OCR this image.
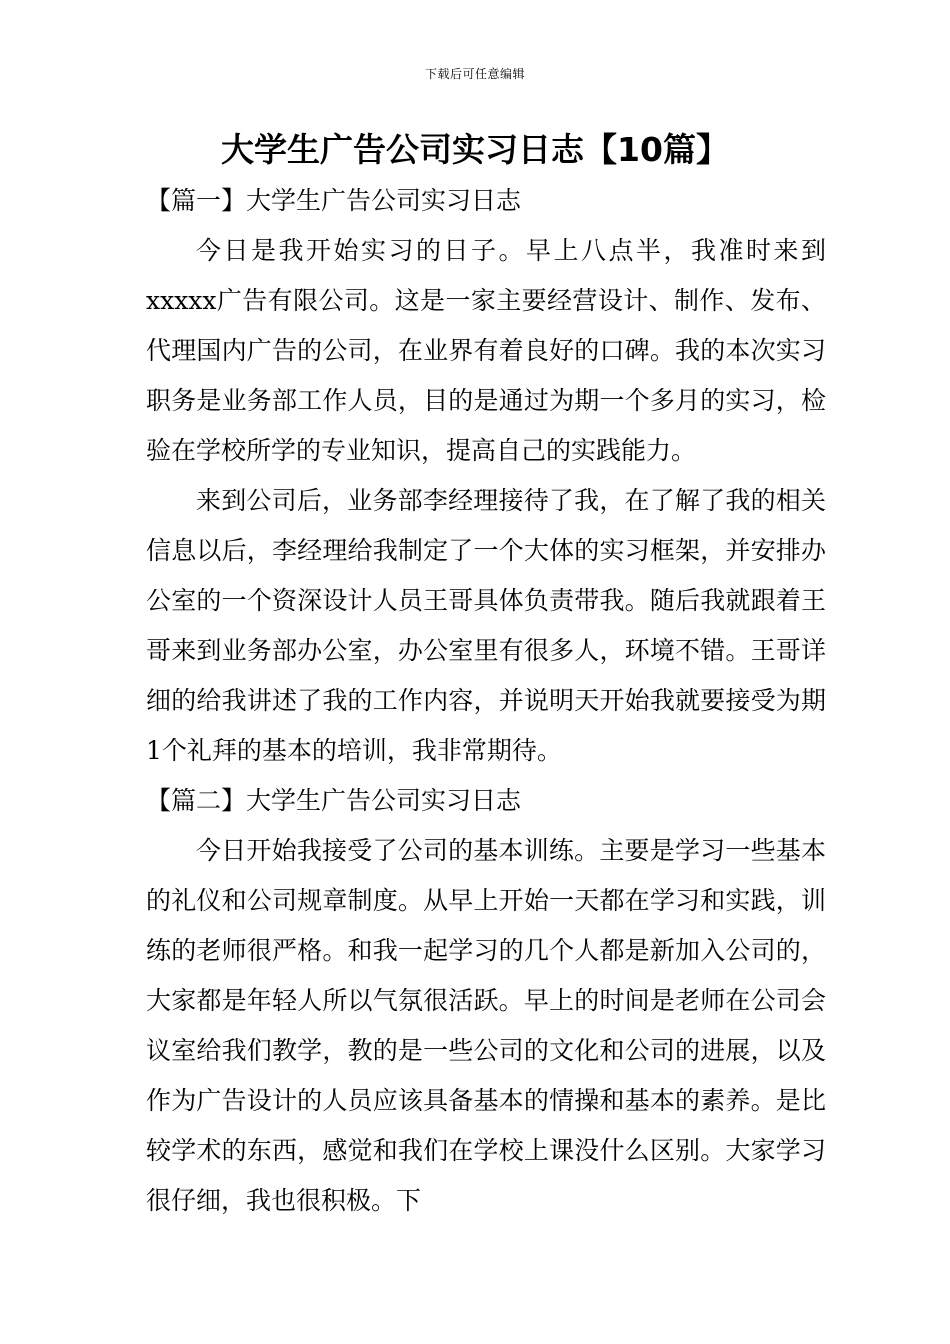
下载后可任意编辑
大学生广告公司实习日志【10篇】
【篇一】大学生广告公司实习日志

今日是我开始实习的日子。早上八点半，我准时来到xxxxx广告有限公司。这是一家主要经营设计、制作、发布、代理国内广告的公司，在业界有着良好的口碑。我的本次实习职务是业务部工作人员，目的是通过为期一个多月的实习，检验在学校所学的专业知识，提高自己的实践能力。

来到公司后，业务部李经理接待了我，在了解了我的相关信息以后，李经理给我制定了一个大体的实习框架，并安排办公室的一个资深设计人员王哥具体负责带我。随后我就跟着王哥来到业务部办公室，办公室里有很多人，环境不错。王哥详细的给我讲述了我的工作内容，并说明天开始我就要接受为期1个礼拜的基本的培训，我非常期待。

【篇二】大学生广告公司实习日志

今日开始我接受了公司的基本训练。主要是学习一些基本的礼仪和公司规章制度。从早上开始一天都在学习和实践，训练的老师很严格。和我一起学习的几个人都是新加入公司的，大家都是年轻人所以气氛很活跃。早上的时间是老师在公司会议室给我们教学，教的是一些公司的文化和公司的进展，以及作为广告设计的人员应该具备基本的情操和基本的素养。是比较学术的东西，感觉和我们在学校上课没什么区别。大家学习很仔细，我也很积极。下
